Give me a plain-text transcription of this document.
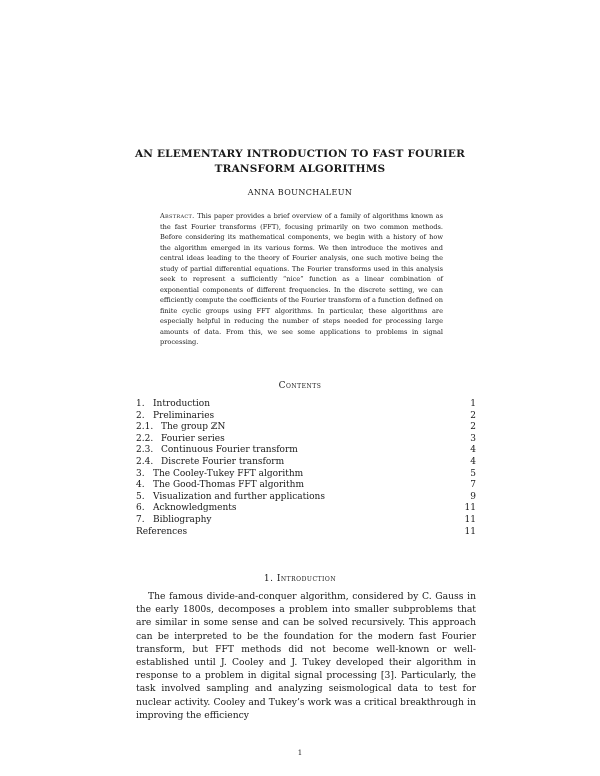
AN ELEMENTARY INTRODUCTION TO FAST FOURIER
TRANSFORM ALGORITHMS
ANNA BOUNCHALEUN
Abstract. This paper provides a brief overview of a family of algorithms known as the fast Fourier transforms (FFT), focusing primarily on two common methods. Before considering its mathematical components, we begin with a history of how the algorithm emerged in its various forms. We then introduce the motives and central ideas leading to the theory of Fourier analysis, one such motive being the study of partial differential equations. The Fourier transforms used in this analysis seek to represent a sufficiently “nice” function as a linear combination of exponential components of different frequencies. In the discrete setting, we can efficiently compute the coefficients of the Fourier transform of a function defined on finite cyclic groups using FFT algorithms. In particular, these algorithms are especially helpful in reducing the number of steps needed for processing large amounts of data. From this, we see some applications to problems in signal processing.
Contents
1. Introduction	1
2. Preliminaries	2
2.1. The group ℤN	2
2.2. Fourier series	3
2.3. Continuous Fourier transform	4
2.4. Discrete Fourier transform	4
3. The Cooley-Tukey FFT algorithm	5
4. The Good-Thomas FFT algorithm	7
5. Visualization and further applications	9
6. Acknowledgments	11
7. Bibliography	11
References	11
1. Introduction
The famous divide-and-conquer algorithm, considered by C. Gauss in the early 1800s, decomposes a problem into smaller subproblems that are similar in some sense and can be solved recursively. This approach can be interpreted to be the foundation for the modern fast Fourier transform, but FFT methods did not become well-known or well-established until J. Cooley and J. Tukey developed their algorithm in response to a problem in digital signal processing [3]. Particularly, the task involved sampling and analyzing seismological data to test for nuclear activity. Cooley and Tukey’s work was a critical breakthrough in improving the efficiency
1
